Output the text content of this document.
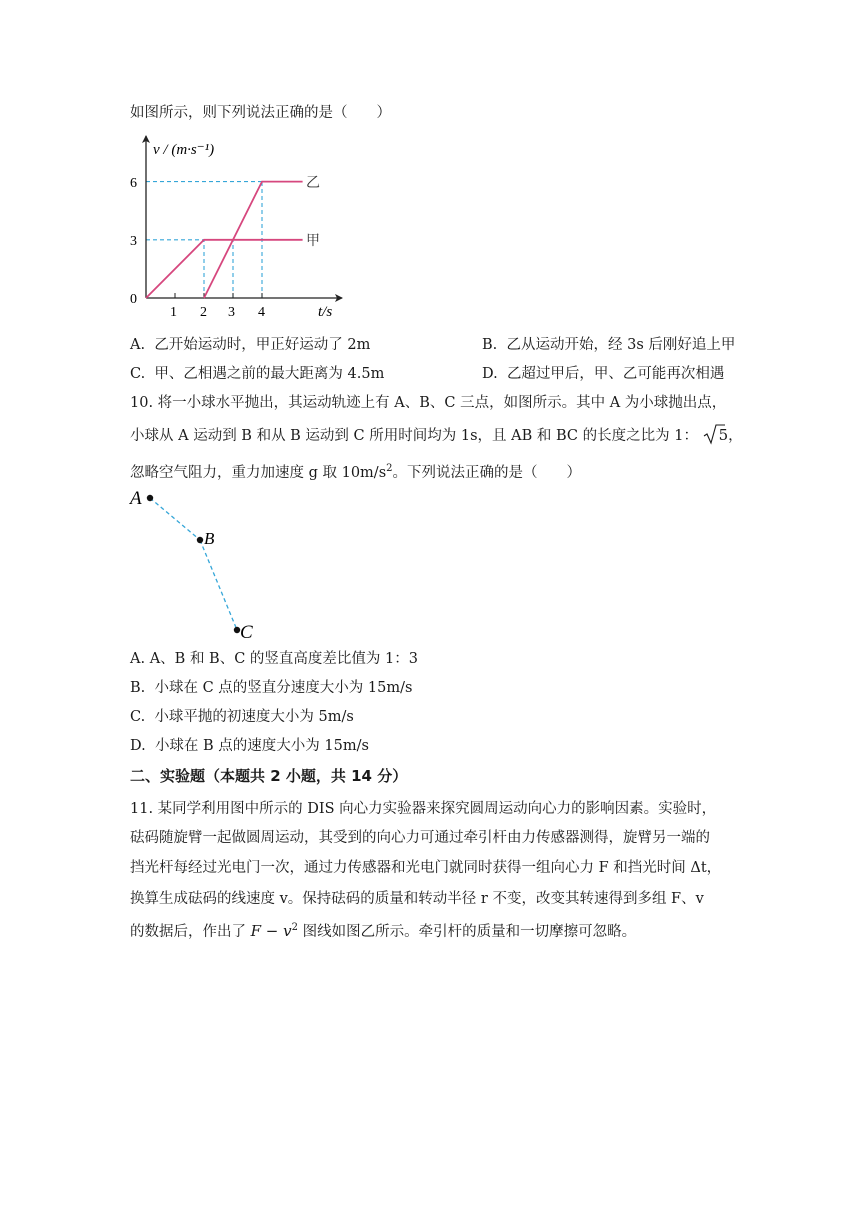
如图所示，则下列说法正确的是（　　）
v / (m·s⁻¹)
t/s
0
3
6
1 2 3 4
甲
乙
A.  乙开始运动时，甲正好运动了 2m	B.  乙从运动开始，经 3s 后刚好追上甲
C.  甲、乙相遇之前的最大距离为 4.5m	D.  乙超过甲后，甲、乙可能再次相遇
10. 将一小球水平抛出，其运动轨迹上有 A、B、C 三点，如图所示。其中 A 为小球抛出点，
小球从 A 运动到 B 和从 B 运动到 C 所用时间均为 1s，且 AB 和 BC 的长度之比为 1： 5，
忽略空气阻力，重力加速度 g 取 $10m/s^2$。下列说法正确的是（　　）
A
B
C
A. A、B 和 B、C 的竖直高度差比值为 1：3
B. 小球在 C 点的竖直分速度大小为 15m/s
C. 小球平抛的初速度大小为 5m/s
D. 小球在 B 点的速度大小为 15m/s
二、实验题（本题共 2 小题，共 14 分）
11. 某同学利用图中所示的 DIS 向心力实验器来探究圆周运动向心力的影响因素。实验时，
砝码随旋臂一起做圆周运动，其受到的向心力可通过牵引杆由力传感器测得，旋臂另一端的
挡光杆每经过光电门一次，通过力传感器和光电门就同时获得一组向心力 F 和挡光时间 Δt，
换算生成砝码的线速度 v。保持砝码的质量和转动半径 r 不变，改变其转速得到多组 F、v
的数据后，作出了 $F - v^2$ 图线如图乙所示。牵引杆的质量和一切摩擦可忽略。
